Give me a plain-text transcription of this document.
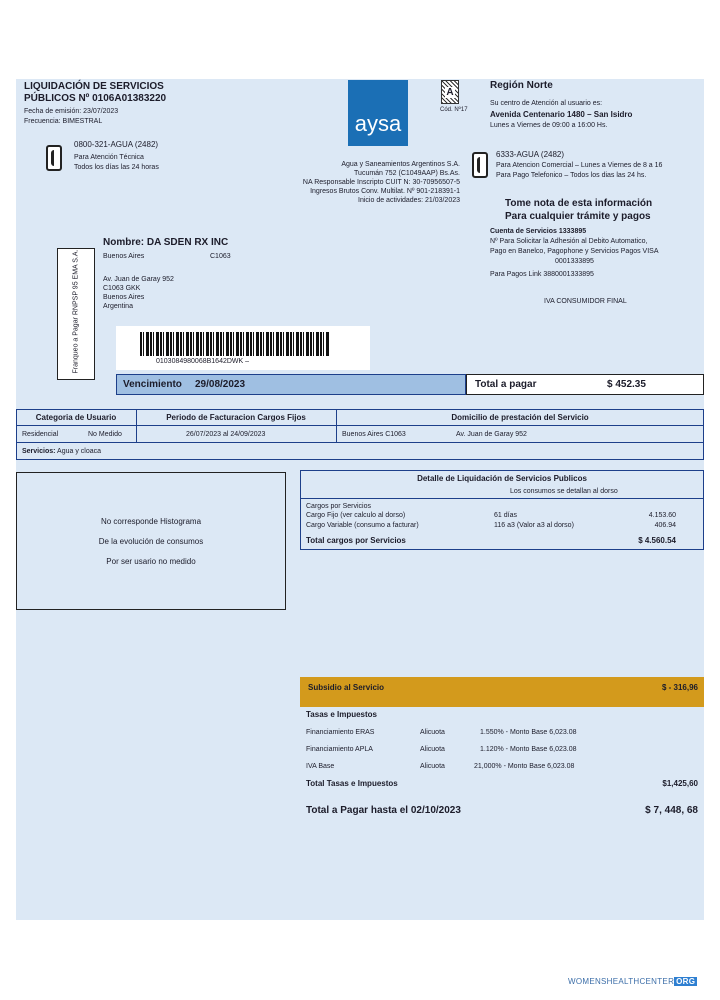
LIQUIDACIÓN DE SERVICIOS
PÚBLICOS Nº 0106A01383220
Fecha de emisión: 23/07/2023
Frecuencia: BIMESTRAL
0800-321-AGUA (2482)
Para Atención Técnica
Todos los días las 24 horas
aysa
A
Cód. Nº17
Agua y Saneamientos Argentinos S.A.
Tucumán 752 (C1049AAP) Bs.As.
NA Responsable Inscripto CUIT N: 30-70956507-5
Ingresos Brutos Conv. Multilat. Nº 901-218391-1
Inicio de actividades: 21/03/2023
Región Norte
Su centro de Atención al usuario es:
Avenida Centenario 1480 – San Isidro
Lunes a Viernes de 09:00 a 16:00 Hs.
6333-AGUA (2482)
Para Atencion Comercial – Lunes a Viernes de 8 a 16
Para Pago Telefonico – Todos los dias las 24 hs.
Tome nota de esta información
Para cualquier trámite y pagos
Cuenta de Servicios 1333895
Nº Para Solicitar la Adhesión al Debito Automatico,
Pago en Banelco, Pagophone y Servicios Pagos VISA
0001333895
Para Pagos Link 3880001333895
IVA CONSUMIDOR FINAL
Nombre: DA SDEN RX INC
Buenos Aires	C1063
Av. Juan de Garay 952
C1063 GKK
Buenos Aires
Argentina
Franqueo a Pagar RNPSP 95 EMA S.A.	0103084980068B1642DWK –
Vencimiento 29/08/2023	Total a pagar	$ 452.35
Categoria de Usuario	Periodo de Facturacion Cargos Fijos	Domicilio de prestación del Servicio
Residencial	No Medido	26/07/2023 al 24/09/2023	Buenos Aires C1063	Av. Juan de Garay 952
Servicios: Agua y cloaca
No corresponde Histograma
De la evolución de consumos
Por ser usario no medido
Detalle de Liquidación de Servicios Publicos
Los consumos se detallan al dorso
Cargos por Servicios
Cargo Fijo (ver calculo al dorso)	61 días	4.153.60
Cargo Variable (consumo a facturar)	116 a3 (Valor a3 al dorso)	406.94
Total cargos por Servicios	$ 4.560.54
Subsidio al Servicio	$ - 316,96
Tasas e Impuestos
Financiamiento ERAS	Alicuota	1.550% - Monto Base 6,023.08
Financiamiento APLA	Alicuota	1.120% - Monto Base 6,023.08
IVA Base	Alicuota	21,000% - Monto Base 6,023.08
Total Tasas e Impuestos	$1,425,60
Total a Pagar hasta el 02/10/2023	$ 7, 448, 68
WOMENSHEALTHCENTER ORG
